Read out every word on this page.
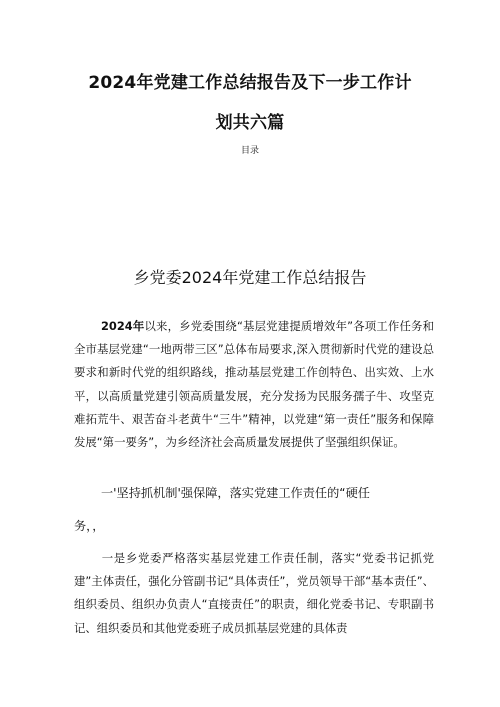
2024年党建工作总结报告及下一步工作计
划共六篇
目录
乡党委2024年党建工作总结报告

2024年以来，乡党委围绕“基层党建提质增效年”各项工作任务和全市基层党建“一地两带三区”总体布局要求,深入贯彻新时代党的建设总要求和新时代党的组织路线，推动基层党建工作创特色、出实效、上水平，以高质量党建引领高质量发展，充分发扬为民服务孺子牛、攻坚克难拓荒牛、艰苦奋斗老黄牛“三牛”精神，以党建“第一责任”服务和保障发展“第一要务”，为乡经济社会高质量发展提供了坚强组织保证。

一'坚持抓机制'强保障，落实党建工作责任的“硬任
务，，

一是乡党委严格落实基层党建工作责任制，落实“党委书记抓党建”主体责任，强化分管副书记“具体责任”，党员领导干部“基本责任”、组织委员、组织办负责人“直接责任”的职责，细化党委书记、专职副书记、组织委员和其他党委班子成员抓基层党建的具体责
